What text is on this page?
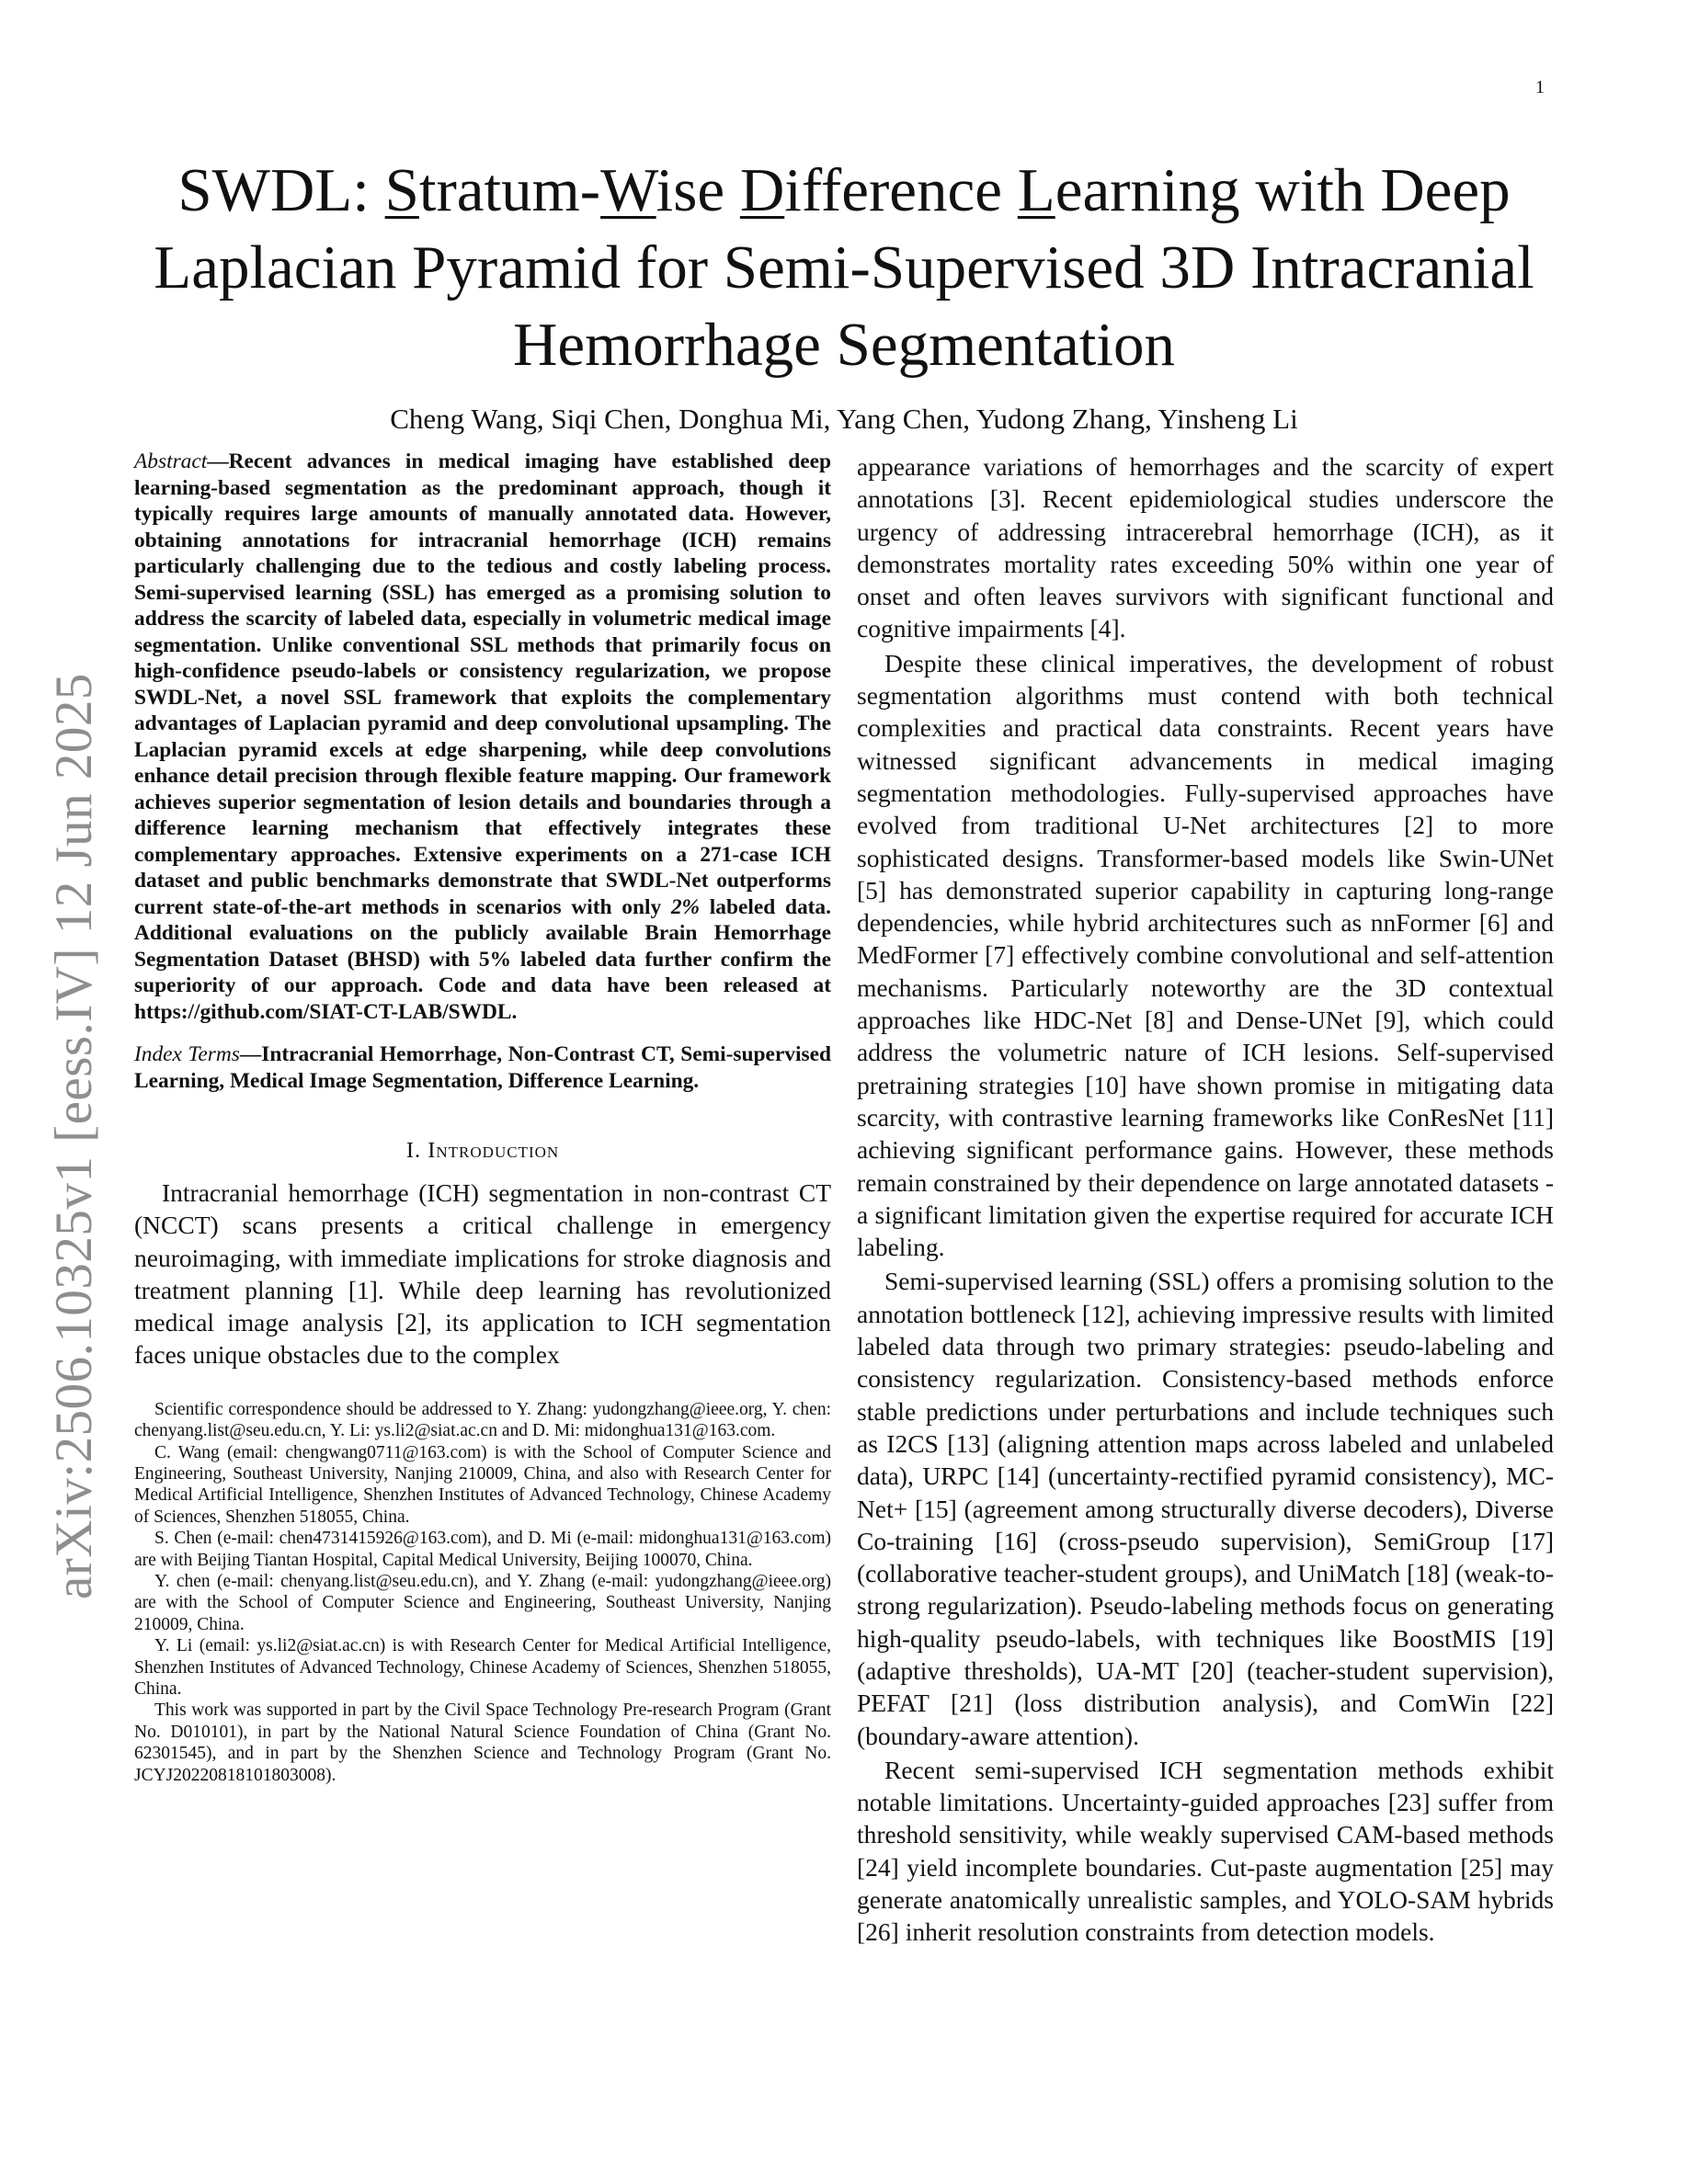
1
arXiv:2506.10325v1 [eess.IV] 12 Jun 2025
SWDL: Stratum-Wise Difference Learning with Deep Laplacian Pyramid for Semi-Supervised 3D Intracranial Hemorrhage Segmentation
Cheng Wang, Siqi Chen, Donghua Mi, Yang Chen, Yudong Zhang, Yinsheng Li

Abstract—Recent advances in medical imaging have established deep learning-based segmentation as the predominant approach, though it typically requires large amounts of manually annotated data. However, obtaining annotations for intracranial hemorrhage (ICH) remains particularly challenging due to the tedious and costly labeling process. Semi-supervised learning (SSL) has emerged as a promising solution to address the scarcity of labeled data, especially in volumetric medical image segmentation. Unlike conventional SSL methods that primarily focus on high-confidence pseudo-labels or consistency regularization, we propose SWDL-Net, a novel SSL framework that exploits the complementary advantages of Laplacian pyramid and deep convolutional upsampling. The Laplacian pyramid excels at edge sharpening, while deep convolutions enhance detail precision through flexible feature mapping. Our framework achieves superior segmentation of lesion details and boundaries through a difference learning mechanism that effectively integrates these complementary approaches. Extensive experiments on a 271-case ICH dataset and public benchmarks demonstrate that SWDL-Net outperforms current state-of-the-art methods in scenarios with only 2% labeled data. Additional evaluations on the publicly available Brain Hemorrhage Segmentation Dataset (BHSD) with 5% labeled data further confirm the superiority of our approach. Code and data have been released at https://github.com/SIAT-CT-LAB/SWDL.

Index Terms—Intracranial Hemorrhage, Non-Contrast CT, Semi-supervised Learning, Medical Image Segmentation, Difference Learning.

I. Introduction

Intracranial hemorrhage (ICH) segmentation in non-contrast CT (NCCT) scans presents a critical challenge in emergency neuroimaging, with immediate implications for stroke diagnosis and treatment planning [1]. While deep learning has revolutionized medical image analysis [2], its application to ICH segmentation faces unique obstacles due to the complex

Scientific correspondence should be addressed to Y. Zhang: yudongzhang@ieee.org, Y. chen: chenyang.list@seu.edu.cn, Y. Li: ys.li2@siat.ac.cn and D. Mi: midonghua131@163.com.

C. Wang (email: chengwang0711@163.com) is with the School of Computer Science and Engineering, Southeast University, Nanjing 210009, China, and also with Research Center for Medical Artificial Intelligence, Shenzhen Institutes of Advanced Technology, Chinese Academy of Sciences, Shenzhen 518055, China.

S. Chen (e-mail: chen4731415926@163.com), and D. Mi (e-mail: midonghua131@163.com) are with Beijing Tiantan Hospital, Capital Medical University, Beijing 100070, China.

Y. chen (e-mail: chenyang.list@seu.edu.cn), and Y. Zhang (e-mail: yudongzhang@ieee.org) are with the School of Computer Science and Engineering, Southeast University, Nanjing 210009, China.

Y. Li (email: ys.li2@siat.ac.cn) is with Research Center for Medical Artificial Intelligence, Shenzhen Institutes of Advanced Technology, Chinese Academy of Sciences, Shenzhen 518055, China.

This work was supported in part by the Civil Space Technology Pre-research Program (Grant No. D010101), in part by the National Natural Science Foundation of China (Grant No. 62301545), and in part by the Shenzhen Science and Technology Program (Grant No. JCYJ20220818101803008).

appearance variations of hemorrhages and the scarcity of expert annotations [3]. Recent epidemiological studies underscore the urgency of addressing intracerebral hemorrhage (ICH), as it demonstrates mortality rates exceeding 50% within one year of onset and often leaves survivors with significant functional and cognitive impairments [4].

Despite these clinical imperatives, the development of robust segmentation algorithms must contend with both technical complexities and practical data constraints. Recent years have witnessed significant advancements in medical imaging segmentation methodologies. Fully-supervised approaches have evolved from traditional U-Net architectures [2] to more sophisticated designs. Transformer-based models like Swin-UNet [5] has demonstrated superior capability in capturing long-range dependencies, while hybrid architectures such as nnFormer [6] and MedFormer [7] effectively combine convolutional and self-attention mechanisms. Particularly noteworthy are the 3D contextual approaches like HDC-Net [8] and Dense-UNet [9], which could address the volumetric nature of ICH lesions. Self-supervised pretraining strategies [10] have shown promise in mitigating data scarcity, with contrastive learning frameworks like ConResNet [11] achieving significant performance gains. However, these methods remain constrained by their dependence on large annotated datasets - a significant limitation given the expertise required for accurate ICH labeling.

Semi-supervised learning (SSL) offers a promising solution to the annotation bottleneck [12], achieving impressive results with limited labeled data through two primary strategies: pseudo-labeling and consistency regularization. Consistency-based methods enforce stable predictions under perturbations and include techniques such as I2CS [13] (aligning attention maps across labeled and unlabeled data), URPC [14] (uncertainty-rectified pyramid consistency), MC-Net+ [15] (agreement among structurally diverse decoders), Diverse Co-training [16] (cross-pseudo supervision), SemiGroup [17] (collaborative teacher-student groups), and UniMatch [18] (weak-to-strong regularization). Pseudo-labeling methods focus on generating high-quality pseudo-labels, with techniques like BoostMIS [19] (adaptive thresholds), UA-MT [20] (teacher-student supervision), PEFAT [21] (loss distribution analysis), and ComWin [22] (boundary-aware attention).

Recent semi-supervised ICH segmentation methods exhibit notable limitations. Uncertainty-guided approaches [23] suffer from threshold sensitivity, while weakly supervised CAM-based methods [24] yield incomplete boundaries. Cut-paste augmentation [25] may generate anatomically unrealistic samples, and YOLO-SAM hybrids [26] inherit resolution constraints from detection models.
